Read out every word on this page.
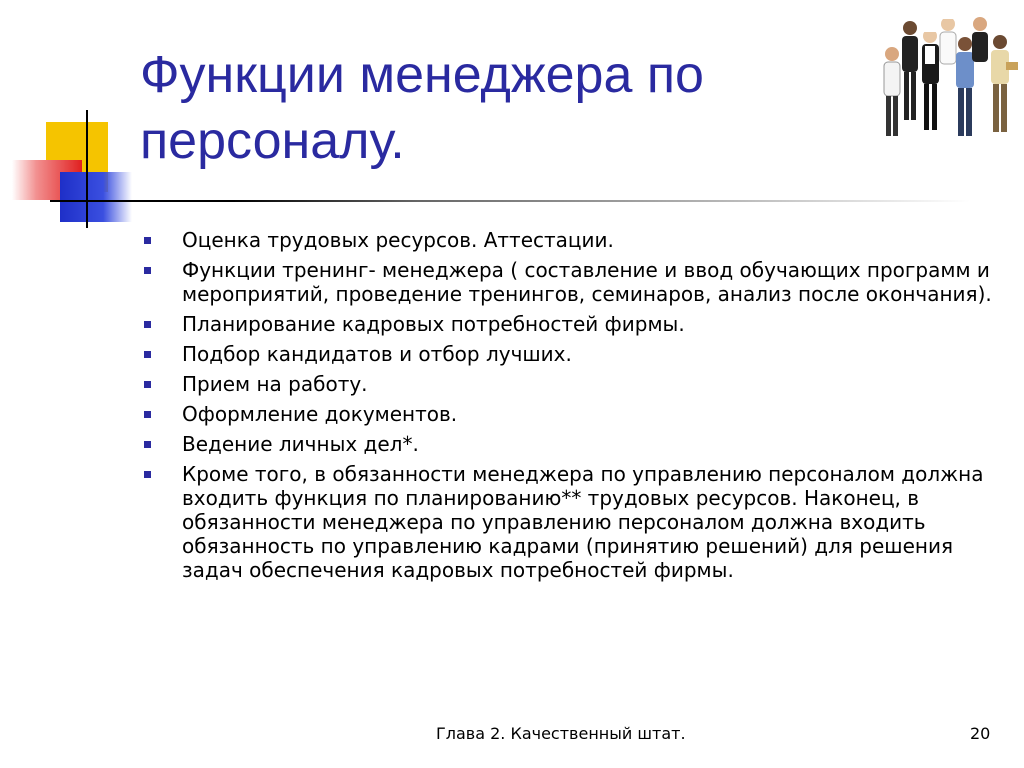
Функции менеджера по
персоналу.
Оценка трудовых ресурсов. Аттестации.
Функции тренинг- менеджера ( составление и ввод обучающих программ и мероприятий, проведение тренингов, семинаров, анализ после окончания).
Планирование кадровых потребностей фирмы.
Подбор кандидатов и отбор лучших.
Прием на работу.
Оформление документов.
Ведение личных дел*.
Кроме того, в обязанности менеджера по управлению персоналом должна входить функция по планированию** трудовых ресурсов. Наконец, в обязанности менеджера по управлению персоналом должна входить обязанность по управлению кадрами (принятию решений) для решения задач обеспечения кадровых потребностей фирмы.
Глава 2. Качественный штат.	20
